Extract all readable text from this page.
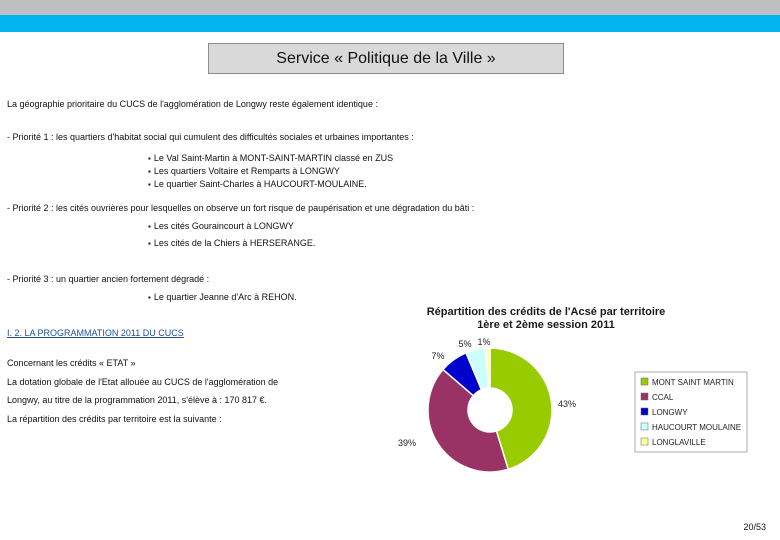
Service « Politique de la Ville »
La géographie prioritaire du CUCS de l'agglomération de Longwy reste également identique :
- Priorité 1 : les quartiers d'habitat social qui cumulent des difficultés sociales et urbaines importantes :
▪ Le Val Saint-Martin à MONT-SAINT-MARTIN classé en ZUS
▪ Les quartiers Voltaire et Remparts à LONGWY
▪ Le quartier Saint-Charles à HAUCOURT-MOULAINE.
- Priorité 2 : les cités ouvrières pour lesquelles on observe un fort risque de paupérisation et une dégradation du bâti :
▪ Les cités Gouraincourt à LONGWY
▪ Les cités de la Chiers à HERSERANGE.
- Priorité 3 : un quartier ancien fortement dégradé :
▪ Le quartier Jeanne d'Arc à REHON.
I. 2. LA PROGRAMMATION 2011 DU CUCS
Concernant les crédits « ETAT »
La dotation globale de l'Etat allouée au CUCS de l'agglomération de
Longwy, au titre de la programmation 2011, s'élève à : 170 817 €.
La répartition des crédits par territoire est la suivante :
Répartition des crédits de l'Acsé par territoire
1ère et 2ème session 2011
43%
39%
7%
5% 1%
MONT SAINT MARTIN
CCAL
LONGWY
HAUCOURT MOULAINE
LONGLAVILLE
20/53
